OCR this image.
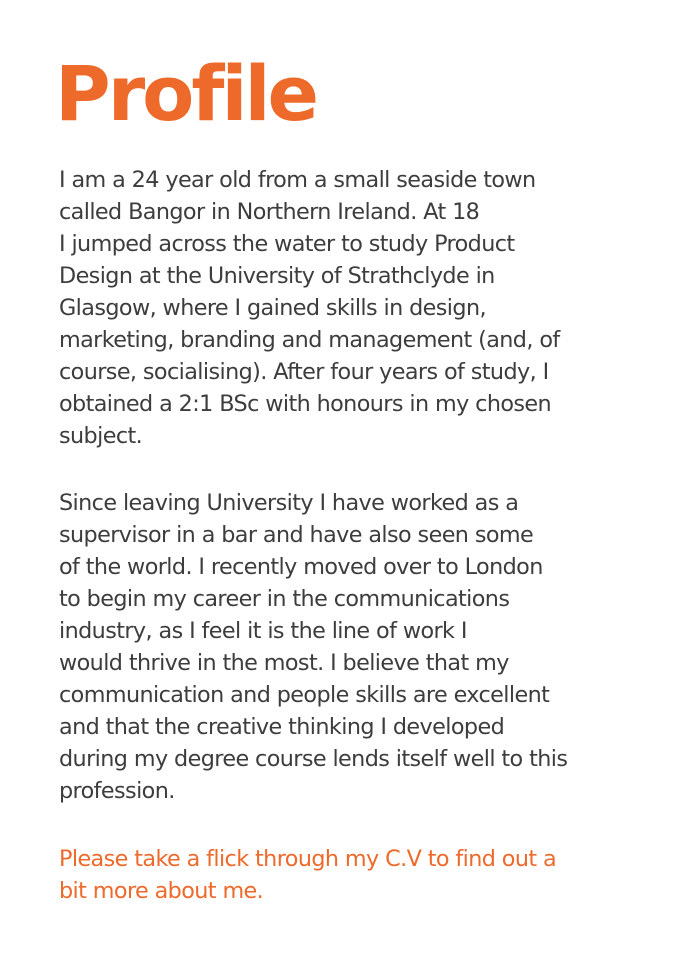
Profile

I am a 24 year old from a small seaside town
called Bangor in Northern Ireland. At 18
I jumped across the water to study Product
Design at the University of Strathclyde in
Glasgow, where I gained skills in design,
marketing, branding and management (and, of
course, socialising). After four years of study, I
obtained a 2:1 BSc with honours in my chosen
subject.

Since leaving University I have worked as a
supervisor in a bar and have also seen some
of the world. I recently moved over to London
to begin my career in the communications
industry, as I feel it is the line of work I
would thrive in the most. I believe that my
communication and people skills are excellent
and that the creative thinking I developed
during my degree course lends itself well to this
profession.

Please take a flick through my C.V to find out a
bit more about me.
